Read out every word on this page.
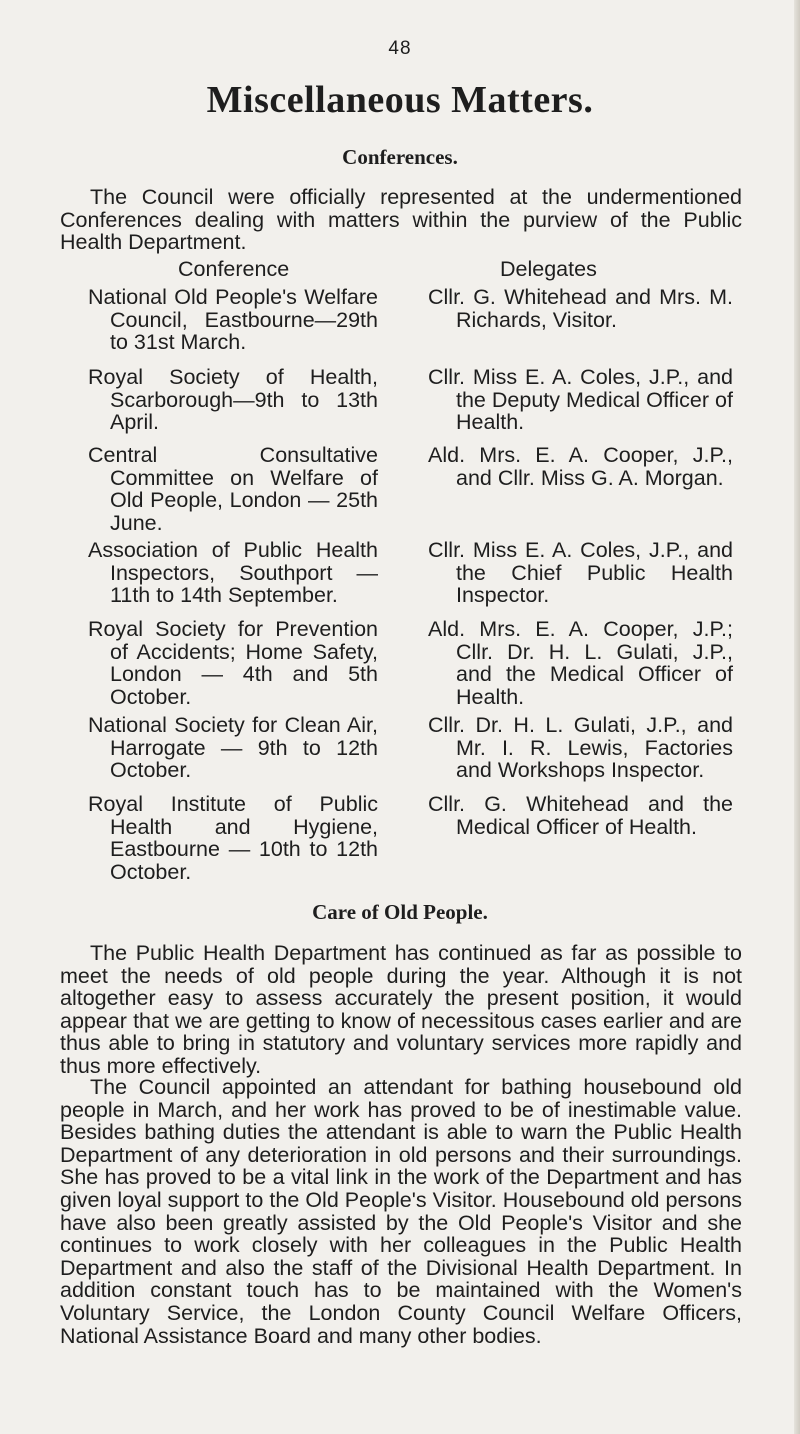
48
Miscellaneous Matters.
Conferences.

The Council were officially represented at the undermentioned Conferences dealing with matters within the purview of the Public Health Department.

Conference	Delegates
National Old People's Welfare Council, Eastbourne—29th to 31st March.
Cllr. G. Whitehead and Mrs. M. Richards, Visitor.
Royal Society of Health, Scarborough—9th to 13th April.
Cllr. Miss E. A. Coles, J.P., and the Deputy Medical Officer of Health.
Central Consultative Committee on Welfare of Old People, London — 25th June.
Ald. Mrs. E. A. Cooper, J.P., and Cllr. Miss G. A. Morgan.
Association of Public Health Inspectors, Southport — 11th to 14th September.
Cllr. Miss E. A. Coles, J.P., and the Chief Public Health Inspector.
Royal Society for Prevention of Accidents; Home Safety, London — 4th and 5th October.
Ald. Mrs. E. A. Cooper, J.P.; Cllr. Dr. H. L. Gulati, J.P., and the Medical Officer of Health.
National Society for Clean Air, Harrogate — 9th to 12th October.
Cllr. Dr. H. L. Gulati, J.P., and Mr. I. R. Lewis, Factories and Workshops Inspector.
Royal Institute of Public Health and Hygiene, Eastbourne — 10th to 12th October.
Cllr. G. Whitehead and the Medical Officer of Health.
Care of Old People.

The Public Health Department has continued as far as possible to meet the needs of old people during the year. Although it is not altogether easy to assess accurately the present position, it would appear that we are getting to know of necessitous cases earlier and are thus able to bring in statutory and voluntary services more rapidly and thus more effectively.

The Council appointed an attendant for bathing housebound old people in March, and her work has proved to be of inestimable value. Besides bathing duties the attendant is able to warn the Public Health Department of any deterioration in old persons and their surroundings. She has proved to be a vital link in the work of the Department and has given loyal support to the Old People's Visitor. Housebound old persons have also been greatly assisted by the Old People's Visitor and she continues to work closely with her colleagues in the Public Health Department and also the staff of the Divisional Health Department. In addition constant touch has to be maintained with the Women's Voluntary Service, the London County Council Welfare Officers, National Assistance Board and many other bodies.
